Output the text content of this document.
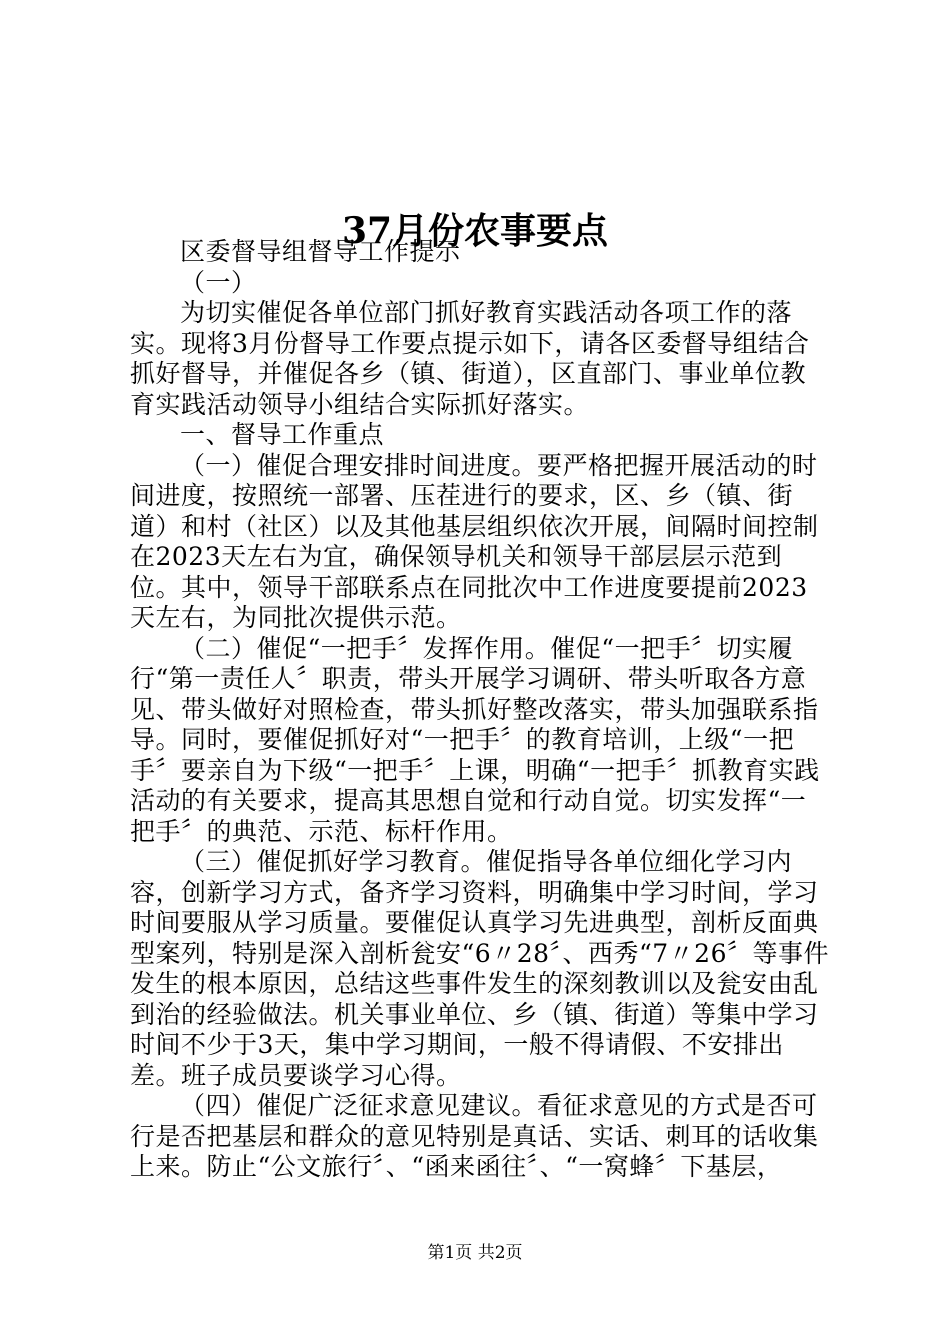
37月份农事要点

区委督导组督导工作提示

（一）

为切实催促各单位部门抓好教育实践活动各项工作的落实。现将3月份督导工作要点提示如下，请各区委督导组结合抓好督导，并催促各乡（镇、街道），区直部门、事业单位教育实践活动领导小组结合实际抓好落实。

一、督导工作重点

（一）催促合理安排时间进度。要严格把握开展活动的时间进度，按照统一部署、压茬进行的要求，区、乡（镇、街道）和村（社区）以及其他基层组织依次开展，间隔时间控制在2023天左右为宜，确保领导机关和领导干部层层示范到位。其中，领导干部联系点在同批次中工作进度要提前2023天左右，为同批次提供示范。

（二）催促“一把手〞发挥作用。催促“一把手〞切实履行“第一责任人〞职责，带头开展学习调研、带头听取各方意见、带头做好对照检查，带头抓好整改落实，带头加强联系指导。同时，要催促抓好对“一把手〞的教育培训，上级“一把手〞要亲自为下级“一把手〞上课，明确“一把手〞抓教育实践活动的有关要求，提高其思想自觉和行动自觉。切实发挥“一把手〞的典范、示范、标杆作用。

（三）催促抓好学习教育。催促指导各单位细化学习内容，创新学习方式，备齐学习资料，明确集中学习时间，学习时间要服从学习质量。要催促认真学习先进典型，剖析反面典型案列，特别是深入剖析瓮安“6〃28〞、西秀“7〃26〞等事件发生的根本原因，总结这些事件发生的深刻教训以及瓮安由乱到治的经验做法。机关事业单位、乡（镇、街道）等集中学习时间不少于3天，集中学习期间，一般不得请假、不安排出差。班子成员要谈学习心得。

（四）催促广泛征求意见建议。看征求意见的方式是否可行是否把基层和群众的意见特别是真话、实话、刺耳的话收集上来。防止“公文旅行〞、“函来函往〞、“一窝蜂〞下基层，

第1页 共2页
